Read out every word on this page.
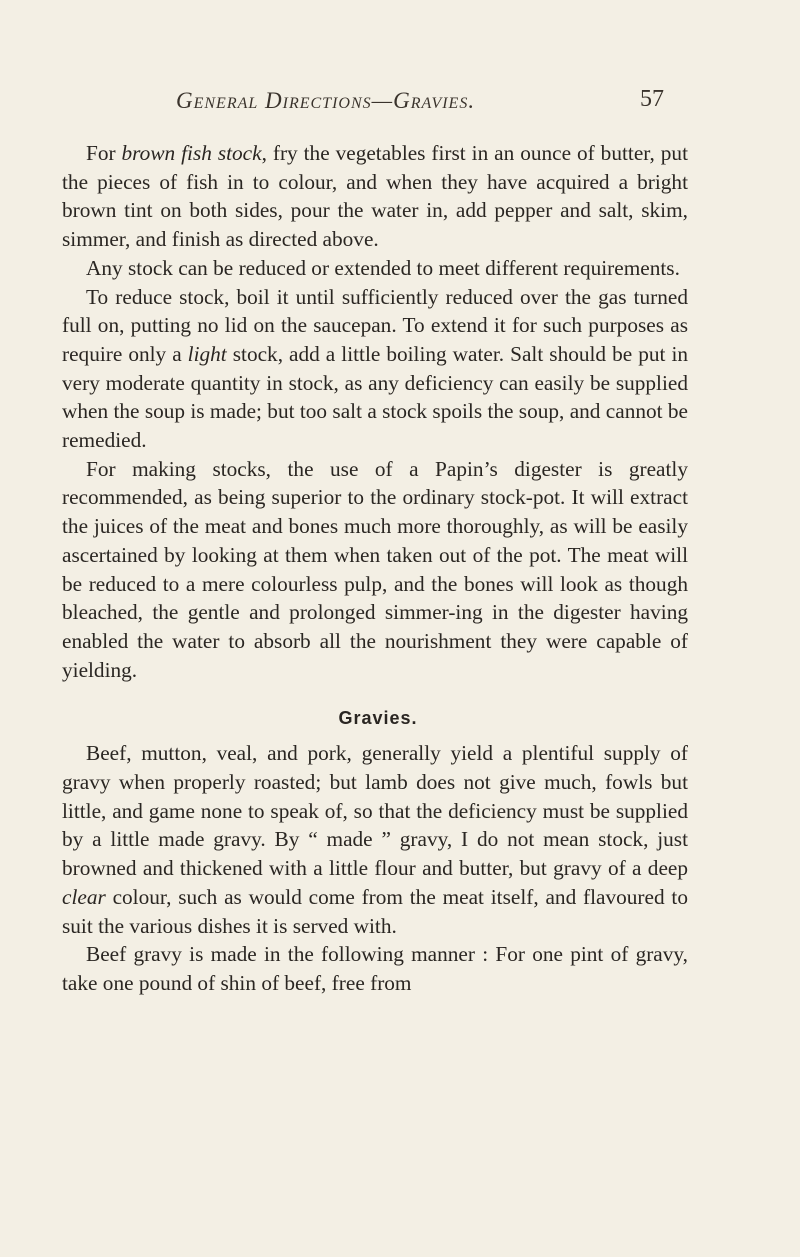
General Directions—Gravies.	57

For brown fish stock, fry the vegetables first in an ounce of butter, put the pieces of fish in to colour, and when they have acquired a bright brown tint on both sides, pour the water in, add pepper and salt, skim, simmer, and finish as directed above.

Any stock can be reduced or extended to meet different requirements.

To reduce stock, boil it until sufficiently reduced over the gas turned full on, putting no lid on the saucepan. To extend it for such purposes as require only a light stock, add a little boiling water. Salt should be put in very moderate quantity in stock, as any deficiency can easily be supplied when the soup is made; but too salt a stock spoils the soup, and cannot be remedied.

For making stocks, the use of a Papin’s digester is greatly recommended, as being superior to the ordinary stock-pot. It will extract the juices of the meat and bones much more thoroughly, as will be easily ascertained by looking at them when taken out of the pot. The meat will be reduced to a mere colourless pulp, and the bones will look as though bleached, the gentle and prolonged simmer-ing in the digester having enabled the water to absorb all the nourishment they were capable of yielding.

Gravies.

Beef, mutton, veal, and pork, generally yield a plentiful supply of gravy when properly roasted; but lamb does not give much, fowls but little, and game none to speak of, so that the deficiency must be supplied by a little made gravy. By “ made ” gravy, I do not mean stock, just browned and thickened with a little flour and butter, but gravy of a deep clear colour, such as would come from the meat itself, and flavoured to suit the various dishes it is served with.

Beef gravy is made in the following manner : For one pint of gravy, take one pound of shin of beef, free from
